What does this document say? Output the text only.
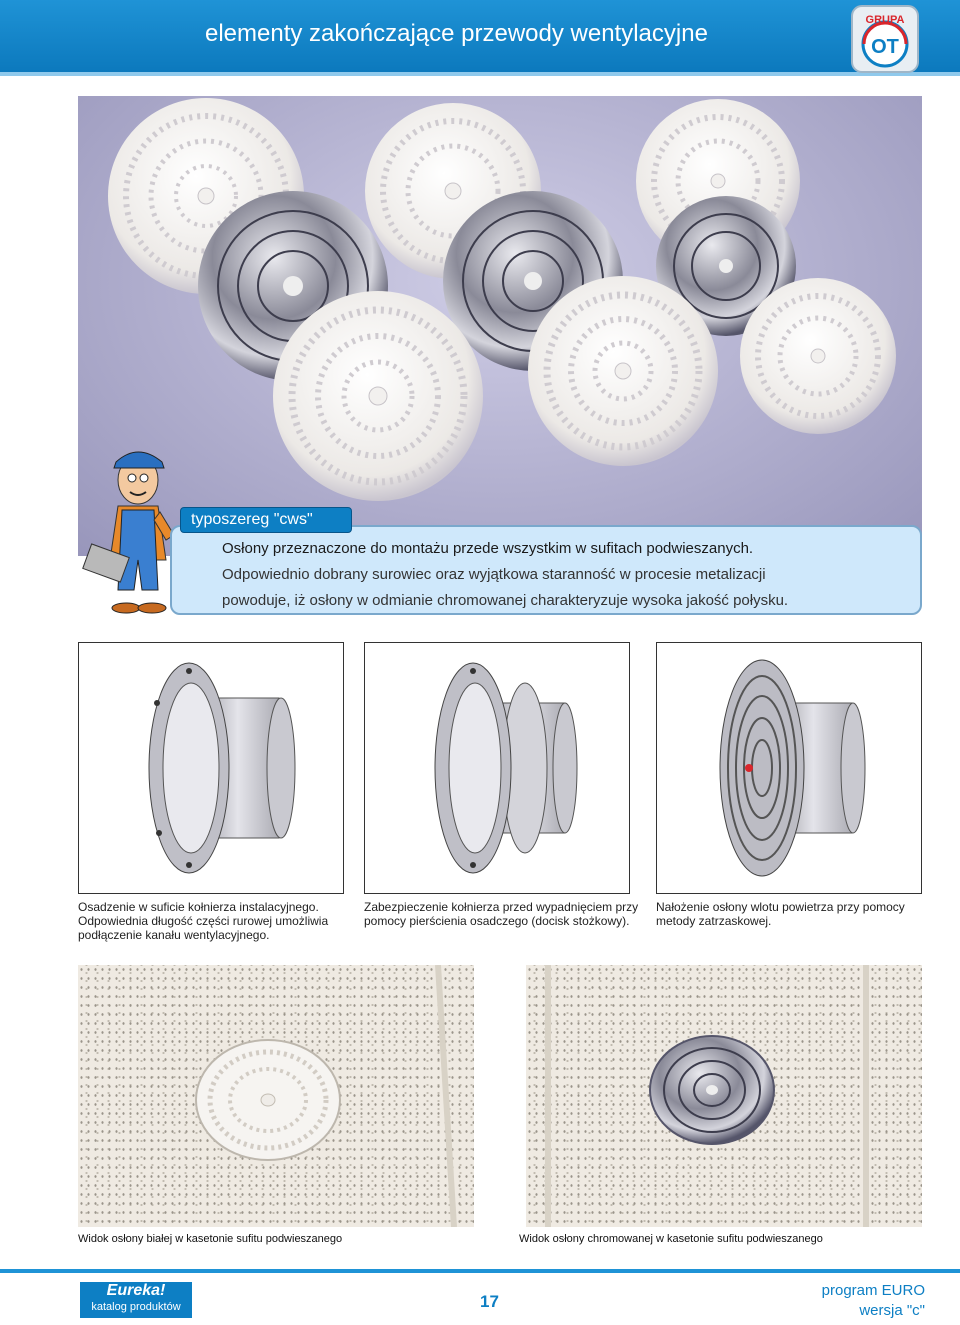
elementy zakończające przewody wentylacyjne	GRUPA
OT
typoszereg "cws"
Osłony przeznaczone do montażu przede wszystkim w sufitach podwieszanych.
Odpowiednio dobrany surowiec oraz wyjątkowa staranność w procesie metalizacji
powoduje, iż osłony w odmianie chromowanej charakteryzuje wysoka jakość połysku.
Osadzenie w suficie kołnierza instalacyjnego. Odpowiednia długość części rurowej umożliwia podłączenie kanału wentylacyjnego.
Zabezpieczenie kołnierza przed wypadnięciem przy pomocy pierścienia osadczego (docisk stożkowy).
Nałożenie osłony wlotu powietrza przy pomocy metody zatrzaskowej.
Widok osłony białej w kasetonie sufitu podwieszanego	Widok osłony chromowanej w kasetonie sufitu podwieszanego
Eureka!
katalog produktów	17
program EURO
wersja "c"
